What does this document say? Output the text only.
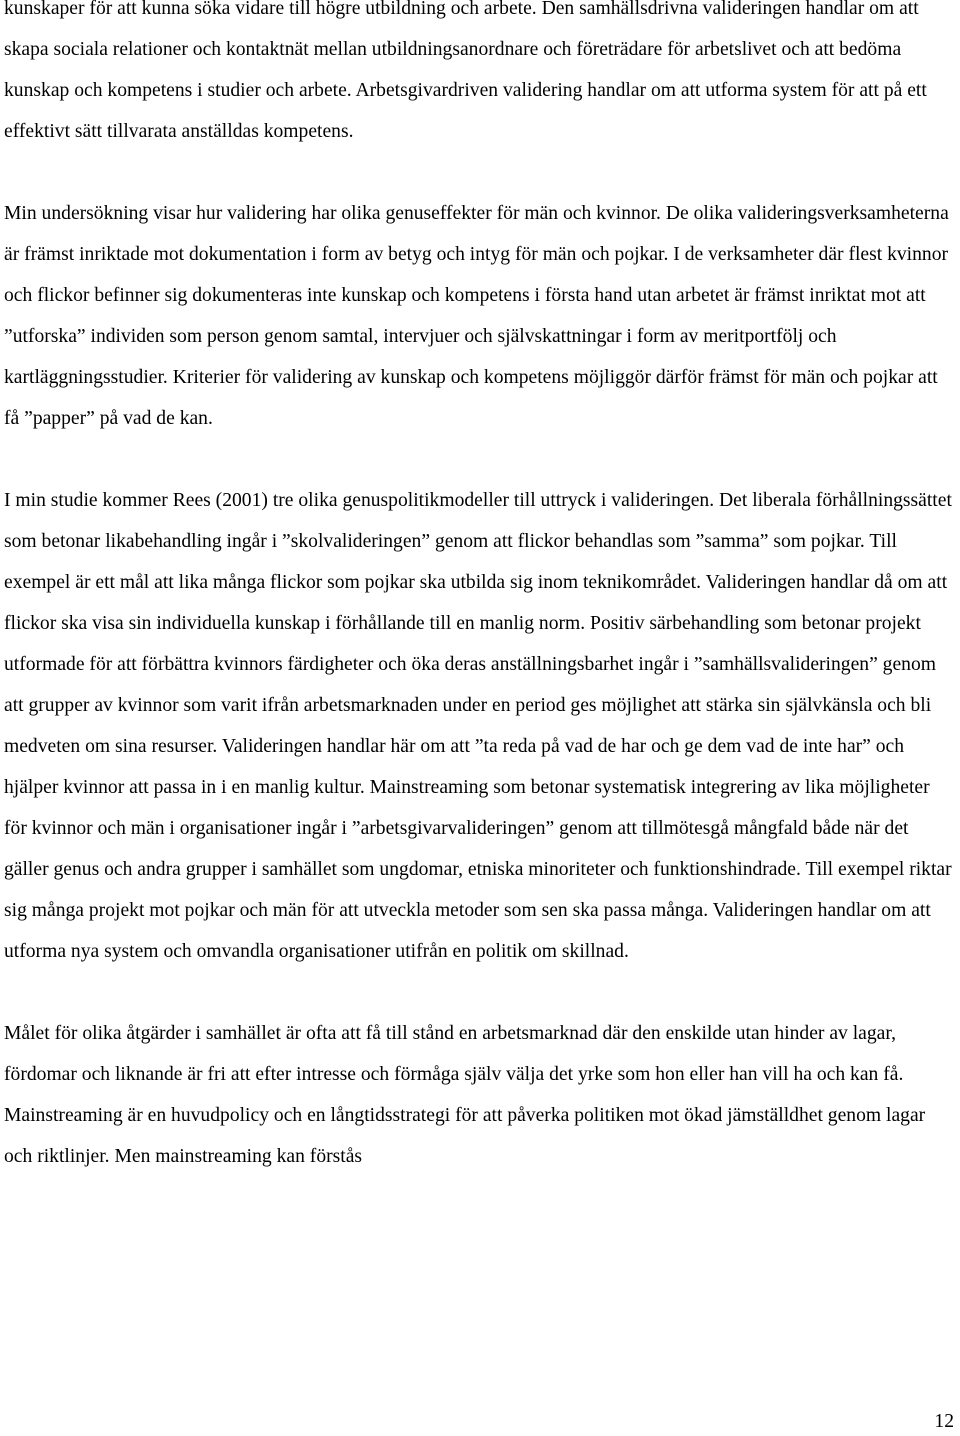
kunskaper för att kunna söka vidare till högre utbildning och arbete. Den samhällsdrivna valideringen handlar om att skapa sociala relationer och kontaktnät mellan utbildningsanordnare och företrädare för arbetslivet och att bedöma kunskap och kompetens i studier och arbete. Arbetsgivardriven validering handlar om att utforma system för att på ett effektivt sätt tillvarata anställdas kompetens.

Min undersökning visar hur validering har olika genuseffekter för män och kvinnor. De olika valideringsverksamheterna är främst inriktade mot dokumentation i form av betyg och intyg för män och pojkar. I de verksamheter där flest kvinnor och flickor befinner sig dokumenteras inte kunskap och kompetens i första hand utan arbetet är främst inriktat mot att ”utforska” individen som person genom samtal, intervjuer och självskattningar i form av meritportfölj och kartläggningsstudier. Kriterier för validering av kunskap och kompetens möjliggör därför främst för män och pojkar att få ”papper” på vad de kan.

I min studie kommer Rees (2001) tre olika genuspolitikmodeller till uttryck i valideringen. Det liberala förhållningssättet som betonar likabehandling ingår i ”skolvalideringen” genom att flickor behandlas som ”samma” som pojkar. Till exempel är ett mål att lika många flickor som pojkar ska utbilda sig inom teknikområdet. Valideringen handlar då om att flickor ska visa sin individuella kunskap i förhållande till en manlig norm. Positiv särbehandling som betonar projekt utformade för att förbättra kvinnors färdigheter och öka deras anställningsbarhet ingår i ”samhällsvalideringen” genom att grupper av kvinnor som varit ifrån arbetsmarknaden under en period ges möjlighet att stärka sin självkänsla och bli medveten om sina resurser. Valideringen handlar här om att ”ta reda på vad de har och ge dem vad de inte har” och hjälper kvinnor att passa in i en manlig kultur. Mainstreaming som betonar systematisk integrering av lika möjligheter för kvinnor och män i organisationer ingår i ”arbetsgivarvalideringen” genom att tillmötesgå mångfald både när det gäller genus och andra grupper i samhället som ungdomar, etniska minoriteter och funktionshindrade. Till exempel riktar sig många projekt mot pojkar och män för att utveckla metoder som sen ska passa många. Valideringen handlar om att utforma nya system och omvandla organisationer utifrån en politik om skillnad.

Målet för olika åtgärder i samhället är ofta att få till stånd en arbetsmarknad där den enskilde utan hinder av lagar, fördomar och liknande är fri att efter intresse och förmåga själv välja det yrke som hon eller han vill ha och kan få. Mainstreaming är en huvudpolicy och en långtidsstrategi för att påverka politiken mot ökad jämställdhet genom lagar och riktlinjer. Men mainstreaming kan förstås

12
